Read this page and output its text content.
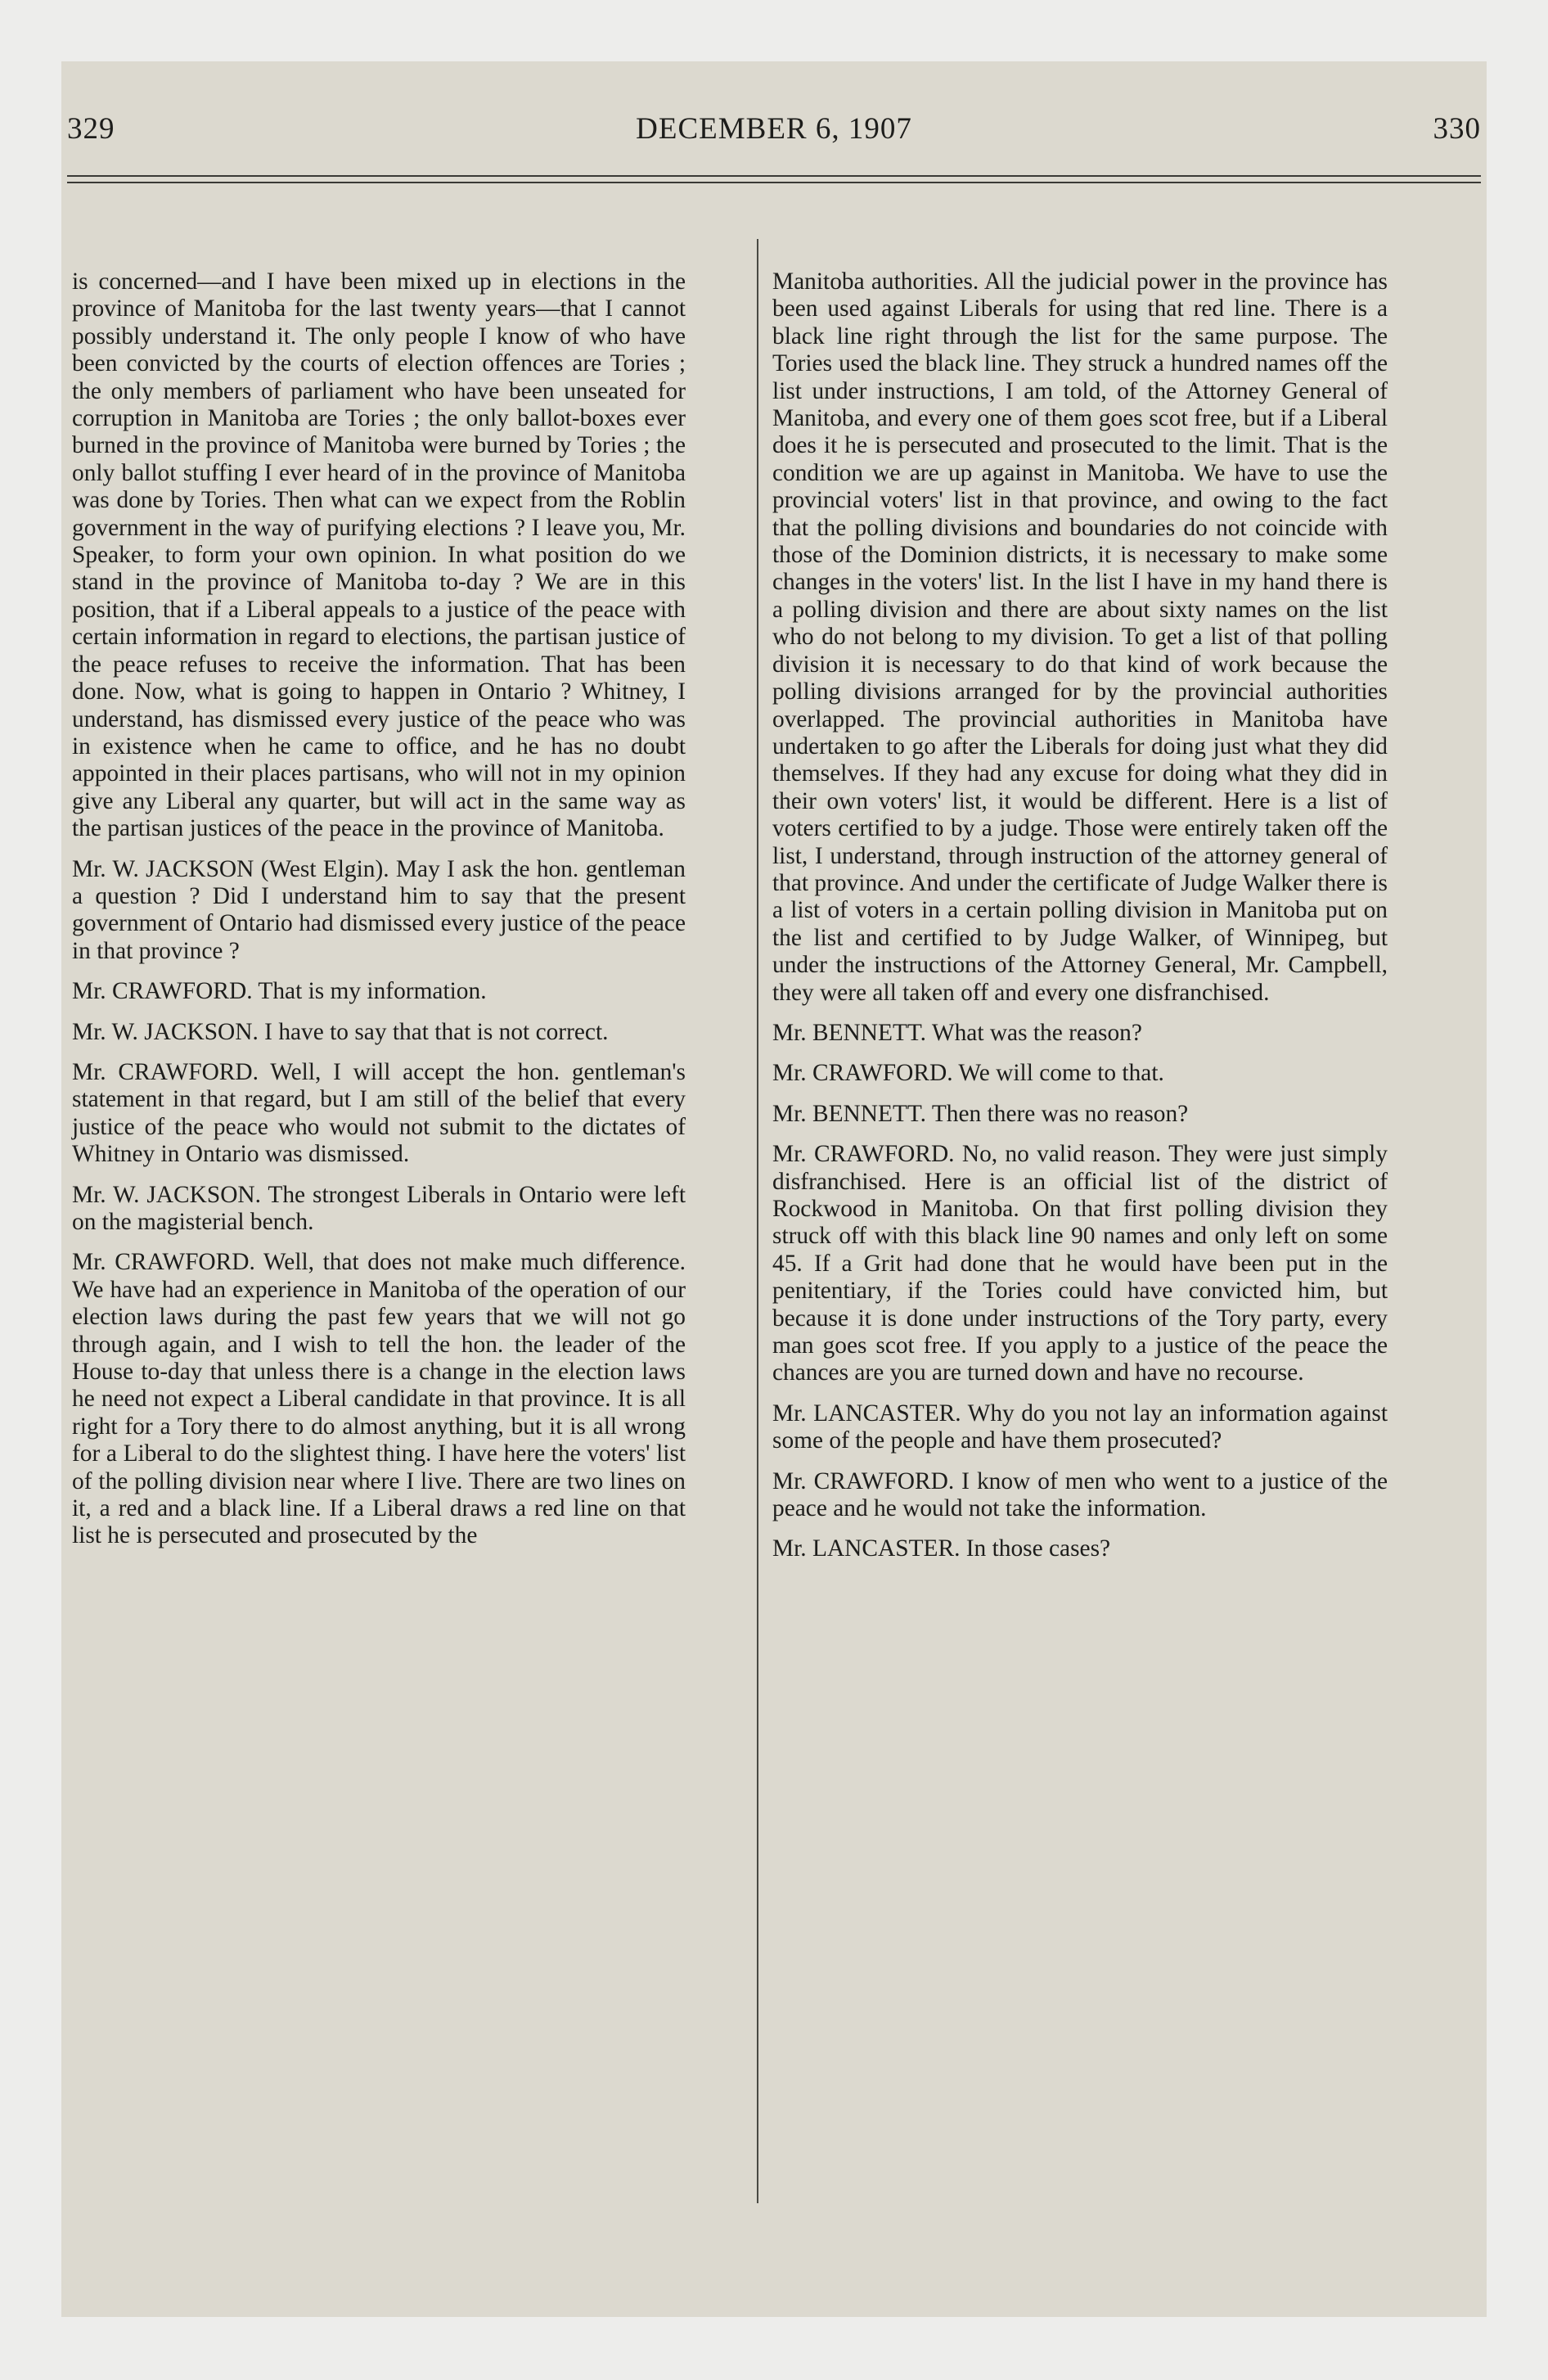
329	DECEMBER 6, 1907	330

is concerned—and I have been mixed up in elections in the province of Manitoba for the last twenty years—that I cannot possibly understand it. The only people I know of who have been convicted by the courts of election offences are Tories ; the only members of parliament who have been unseated for corruption in Manitoba are Tories ; the only ballot-boxes ever burned in the province of Manitoba were burned by Tories ; the only ballot stuffing I ever heard of in the province of Manitoba was done by Tories. Then what can we expect from the Roblin government in the way of purifying elections ? I leave you, Mr. Speaker, to form your own opinion. In what position do we stand in the province of Manitoba to-day ? We are in this position, that if a Liberal appeals to a justice of the peace with certain information in regard to elections, the partisan justice of the peace refuses to receive the information. That has been done. Now, what is going to happen in Ontario ? Whitney, I understand, has dismissed every justice of the peace who was in existence when he came to office, and he has no doubt appointed in their places partisans, who will not in my opinion give any Liberal any quarter, but will act in the same way as the partisan justices of the peace in the province of Manitoba.

Mr. W. JACKSON (West Elgin). May I ask the hon. gentleman a question ? Did I understand him to say that the present government of Ontario had dismissed every justice of the peace in that province ?

Mr. CRAWFORD. That is my information.

Mr. W. JACKSON. I have to say that that is not correct.

Mr. CRAWFORD. Well, I will accept the hon. gentleman's statement in that regard, but I am still of the belief that every justice of the peace who would not submit to the dictates of Whitney in Ontario was dismissed.

Mr. W. JACKSON. The strongest Liberals in Ontario were left on the magisterial bench.

Mr. CRAWFORD. Well, that does not make much difference. We have had an experience in Manitoba of the operation of our election laws during the past few years that we will not go through again, and I wish to tell the hon. the leader of the House to-day that unless there is a change in the election laws he need not expect a Liberal candidate in that province. It is all right for a Tory there to do almost anything, but it is all wrong for a Liberal to do the slightest thing. I have here the voters' list of the polling division near where I live. There are two lines on it, a red and a black line. If a Liberal draws a red line on that list he is persecuted and prosecuted by the

Manitoba authorities. All the judicial power in the province has been used against Liberals for using that red line. There is a black line right through the list for the same purpose. The Tories used the black line. They struck a hundred names off the list under instructions, I am told, of the Attorney General of Manitoba, and every one of them goes scot free, but if a Liberal does it he is persecuted and prosecuted to the limit. That is the condition we are up against in Manitoba. We have to use the provincial voters' list in that province, and owing to the fact that the polling divisions and boundaries do not coincide with those of the Dominion districts, it is necessary to make some changes in the voters' list. In the list I have in my hand there is a polling division and there are about sixty names on the list who do not belong to my division. To get a list of that polling division it is necessary to do that kind of work because the polling divisions arranged for by the provincial authorities overlapped. The provincial authorities in Manitoba have undertaken to go after the Liberals for doing just what they did themselves. If they had any excuse for doing what they did in their own voters' list, it would be different. Here is a list of voters certified to by a judge. Those were entirely taken off the list, I understand, through instruction of the attorney general of that province. And under the certificate of Judge Walker there is a list of voters in a certain polling division in Manitoba put on the list and certified to by Judge Walker, of Winnipeg, but under the instructions of the Attorney General, Mr. Campbell, they were all taken off and every one disfranchised.

Mr. BENNETT. What was the reason?

Mr. CRAWFORD. We will come to that.

Mr. BENNETT. Then there was no reason?

Mr. CRAWFORD. No, no valid reason. They were just simply disfranchised. Here is an official list of the district of Rockwood in Manitoba. On that first polling division they struck off with this black line 90 names and only left on some 45. If a Grit had done that he would have been put in the penitentiary, if the Tories could have convicted him, but because it is done under instructions of the Tory party, every man goes scot free. If you apply to a justice of the peace the chances are you are turned down and have no recourse.

Mr. LANCASTER. Why do you not lay an information against some of the people and have them prosecuted?

Mr. CRAWFORD. I know of men who went to a justice of the peace and he would not take the information.

Mr. LANCASTER. In those cases?
